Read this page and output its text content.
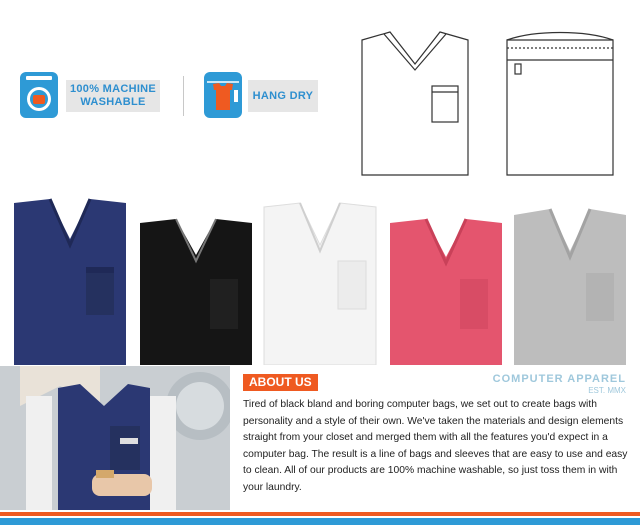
100% MACHINE WASHABLE
HANG DRY
ABOUT US	COMPUTER APPAREL
EST. MMX

Tired of black bland and boring computer bags, we set out to create bags with personality and a style of their own. We've taken the materials and design elements straight from your closet and merged them with all the features you'd expect in a computer bag. The result is a line of bags and sleeves that are easy to use and easy to clean. All of our products are 100% machine washable, so just toss them in with your laundry.
